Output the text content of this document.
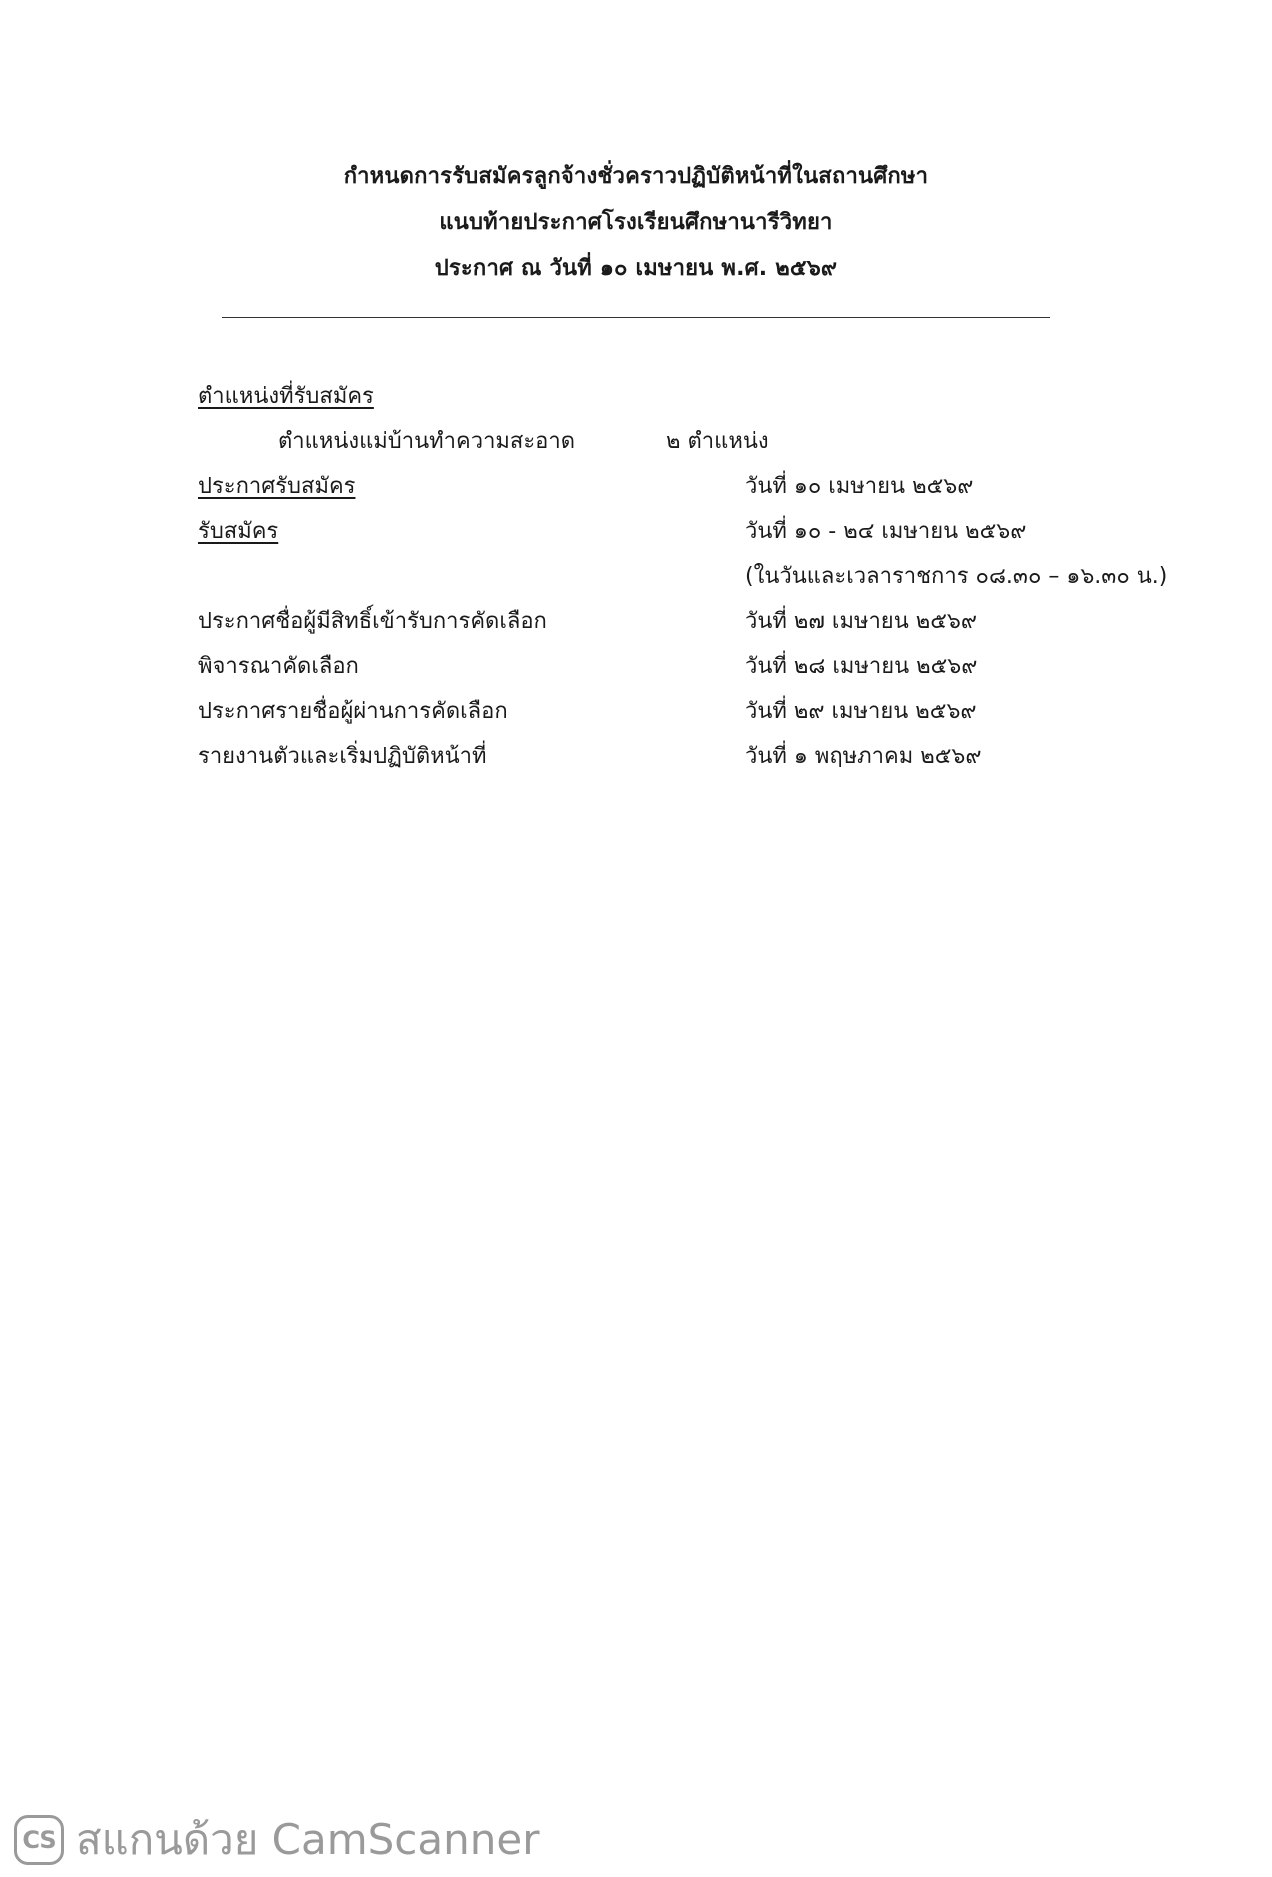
กำหนดการรับสมัครลูกจ้างชั่วคราวปฏิบัติหน้าที่ในสถานศึกษา
แนบท้ายประกาศโรงเรียนศึกษานารีวิทยา
ประกาศ ณ วันที่ ๑๐ เมษายน พ.ศ. ๒๕๖๙
ตำแหน่งที่รับสมัคร
ตำแหน่งแม่บ้านทำความสะอาด	๒ ตำแหน่ง
ประกาศรับสมัคร	วันที่ ๑๐ เมษายน ๒๕๖๙
รับสมัคร	วันที่ ๑๐ - ๒๔ เมษายน ๒๕๖๙
(ในวันและเวลาราชการ ๐๘.๓๐ – ๑๖.๓๐ น.)
ประกาศชื่อผู้มีสิทธิ์เข้ารับการคัดเลือก	วันที่ ๒๗ เมษายน ๒๕๖๙
พิจารณาคัดเลือก	วันที่ ๒๘ เมษายน ๒๕๖๙
ประกาศรายชื่อผู้ผ่านการคัดเลือก	วันที่ ๒๙ เมษายน ๒๕๖๙
รายงานตัวและเริ่มปฏิบัติหน้าที่	วันที่ ๑ พฤษภาคม ๒๕๖๙
CS สแกนด้วย CamScanner
